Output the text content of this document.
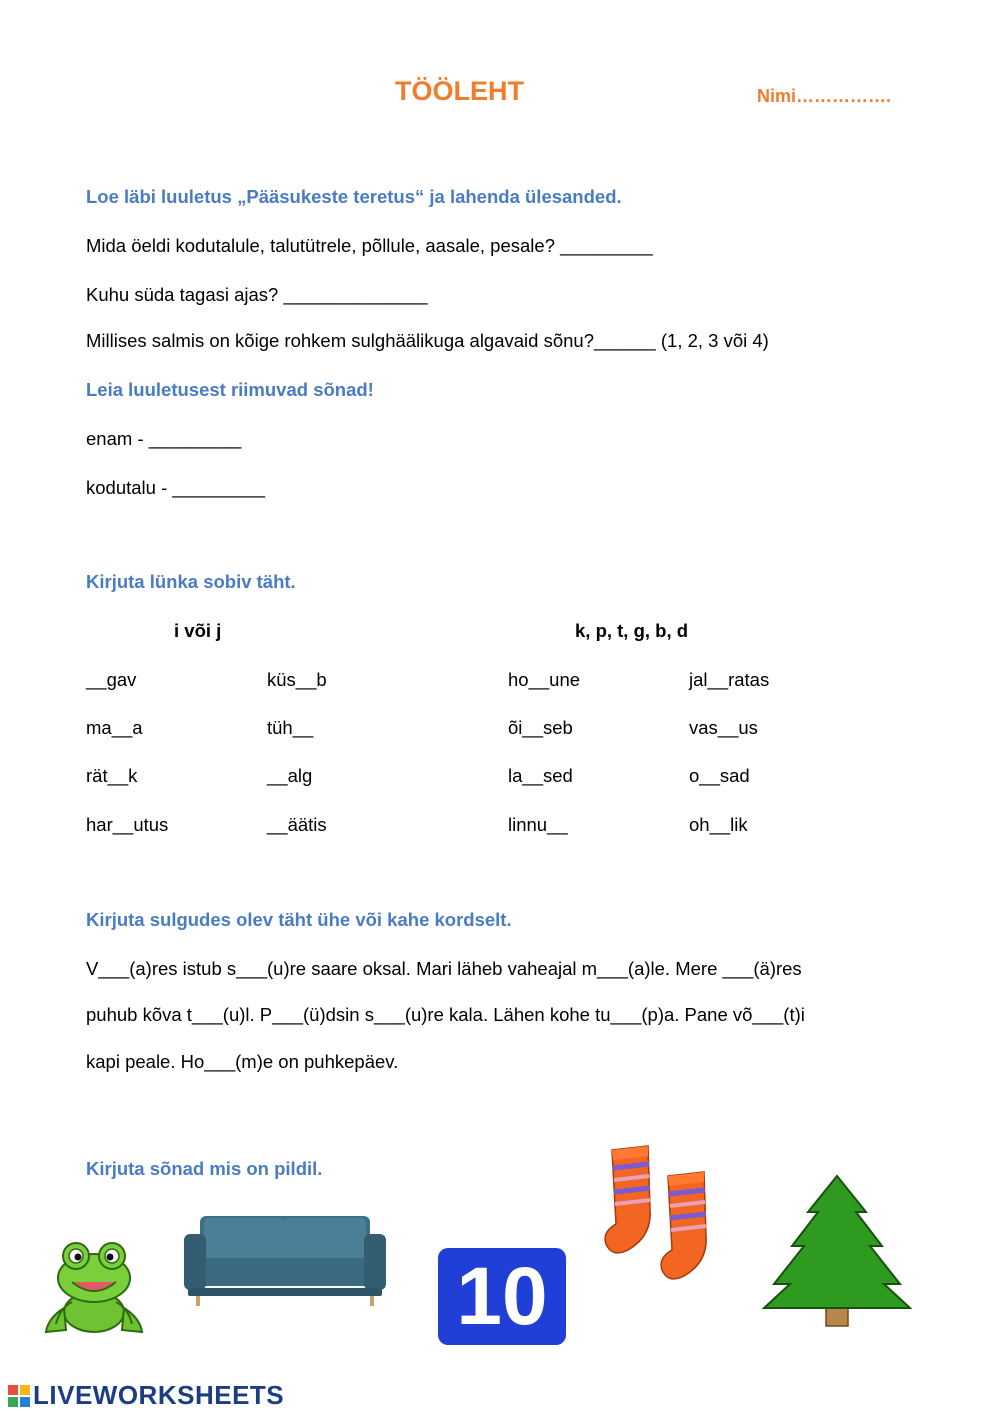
TÖÖLEHT	Nimi…………….
Loe läbi luuletus „Pääsukeste teretus“ ja lahenda ülesanded.
Mida öeldi kodutalule, talutütrele, põllule, aasale, pesale? _________
Kuhu süda tagasi ajas? ______________
Millises salmis on kõige rohkem sulghäälikuga algavaid sõnu?______ (1, 2, 3 või 4)
Leia luuletusest riimuvad sõnad!
enam - _________
kodutalu - _________
Kirjuta lünka sobiv täht.
i või j	k, p, t, g, b, d
__gav
ma__a
rät__k
har__utus
küs__b
tüh__
__alg
__äätis
ho__une
õi__seb
la__sed
linnu__
jal__ratas
vas__us
o__sad
oh__lik
Kirjuta sulgudes olev täht ühe või kahe kordselt.
V___(a)res istub s___(u)re saare oksal. Mari läheb vaheajal m___(a)le. Mere ___(ä)res
puhub kõva t___(u)l. P___(ü)dsin s___(u)re kala. Lähen kohe tu___(p)a. Pane võ___(t)i
kapi peale. Ho___(m)e on puhkepäev.
Kirjuta sõnad mis on pildil.
10
LIVEWORKSHEETS
